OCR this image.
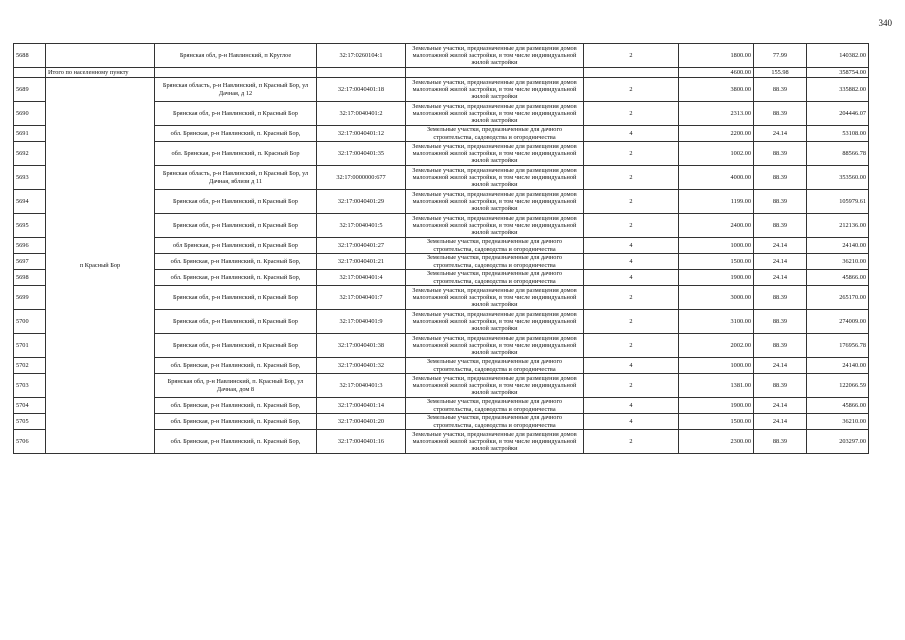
340
5688		Брянская обл, р-н Навлинский, п Круглое	32:17:0260104:1	Земельные участки, предназначенные для размещения домов малоэтажной жилой застройки, в том числе индивидуальной жилой застройки	2	1800.00	77.99	140382.00
	Итого по населенному пункту					4600.00	155.98	358754.00
5689	п Красный Бор	Брянская область, р-н Навлинский, п Красный Бор, ул Дачная, д 12	32:17:0040401:18	Земельные участки, предназначенные для размещения домов малоэтажной жилой застройки, в том числе индивидуальной жилой застройки	2	3800.00	88.39	335882.00
5690		Брянская обл, р-н Навлинский, п Красный Бор	32:17:0040401:2	Земельные участки, предназначенные для размещения домов малоэтажной жилой застройки, в том числе индивидуальной жилой застройки	2	2313.00	88.39	204446.07
5691		обл. Брянская, р-н Навлинский, п. Красный Бор,	32:17:0040401:12	Земельные участки, предназначенные для дачного строительства, садоводства и огородничества	4	2200.00	24.14	53108.00
5692		обл. Брянская, р-н Навлинский, п. Красный Бор	32:17:0040401:35	Земельные участки, предназначенные для размещения домов малоэтажной жилой застройки, в том числе индивидуальной жилой застройки	2	1002.00	88.39	88566.78
5693		Брянская область, р-н Навлинский, п Красный Бор, ул Дачная, вблизи д 11	32:17:0000000:677	Земельные участки, предназначенные для размещения домов малоэтажной жилой застройки, в том числе индивидуальной жилой застройки	2	4000.00	88.39	353560.00
5694		Брянская обл, р-н Навлинский, п Красный Бор	32:17:0040401:29	Земельные участки, предназначенные для размещения домов малоэтажной жилой застройки, в том числе индивидуальной жилой застройки	2	1199.00	88.39	105979.61
5695		Брянская обл, р-н Навлинский, п Красный Бор	32:17:0040401:5	Земельные участки, предназначенные для размещения домов малоэтажной жилой застройки, в том числе индивидуальной жилой застройки	2	2400.00	88.39	212136.00
5696		обл Брянская, р-н Навлинский, п Красный Бор	32:17:0040401:27	Земельные участки, предназначенные для дачного строительства, садоводства и огородничества	4	1000.00	24.14	24140.00
5697		обл. Брянская, р-н Навлинский, п. Красный Бор,	32:17:0040401:21	Земельные участки, предназначенные для дачного строительства, садоводства и огородничества	4	1500.00	24.14	36210.00
5698		обл. Брянская, р-н Навлинский, п. Красный Бор,	32:17:0040401:4	Земельные участки, предназначенные для дачного строительства, садоводства и огородничества	4	1900.00	24.14	45866.00
5699		Брянская обл, р-н Навлинский, п Красный Бор	32:17:0040401:7	Земельные участки, предназначенные для размещения домов малоэтажной жилой застройки, в том числе индивидуальной жилой застройки	2	3000.00	88.39	265170.00
5700		Брянская обл, р-н Навлинский, п Красный Бор	32:17:0040401:9	Земельные участки, предназначенные для размещения домов малоэтажной жилой застройки, в том числе индивидуальной жилой застройки	2	3100.00	88.39	274009.00
5701		Брянская обл, р-н Навлинский, п Красный Бор	32:17:0040401:38	Земельные участки, предназначенные для размещения домов малоэтажной жилой застройки, в том числе индивидуальной жилой застройки	2	2002.00	88.39	176956.78
5702		обл. Брянская, р-н Навлинский, п. Красный Бор,	32:17:0040401:32	Земельные участки, предназначенные для дачного строительства, садоводства и огородничества	4	1000.00	24.14	24140.00
5703		Брянская обл, р-н Навлинский, п. Красный Бор, ул Дачная, дом 8	32:17:0040401:3	Земельные участки, предназначенные для размещения домов малоэтажной жилой застройки, в том числе индивидуальной жилой застройки	2	1381.00	88.39	122066.59
5704		обл. Брянская, р-н Навлинский, п. Красный Бор,	32:17:0040401:14	Земельные участки, предназначенные для дачного строительства, садоводства и огородничества	4	1900.00	24.14	45866.00
5705		обл. Брянская, р-н Навлинский, п. Красный Бор,	32:17:0040401:20	Земельные участки, предназначенные для дачного строительства, садоводства и огородничества	4	1500.00	24.14	36210.00
5706		обл. Брянская, р-н Навлинский, п. Красный Бор,	32:17:0040401:16	Земельные участки, предназначенные для размещения домов малоэтажной жилой застройки, в том числе индивидуальной жилой застройки	2	2300.00	88.39	203297.00
